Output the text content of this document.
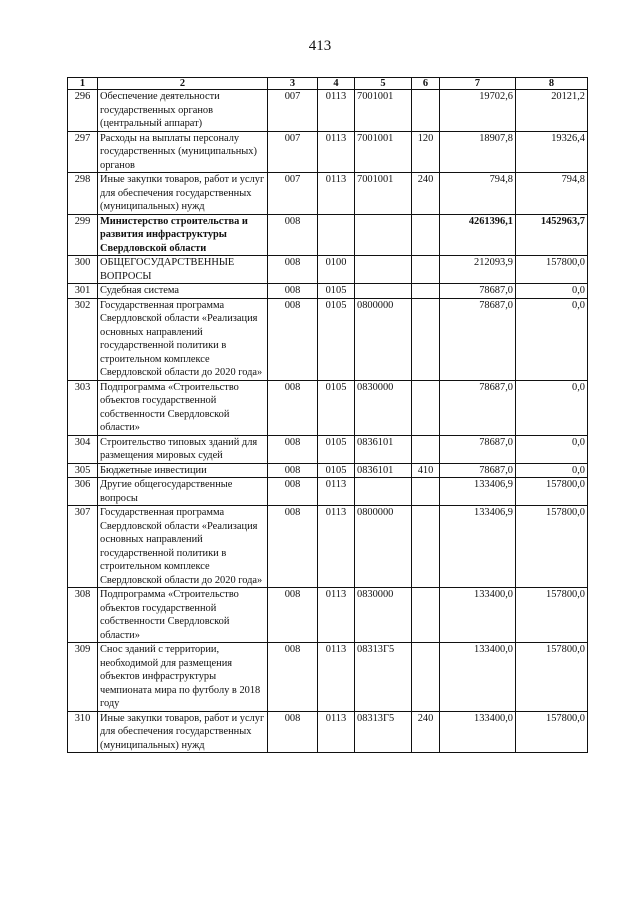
413
1	2	3	4	5	6	7	8
296	Обеспечение деятельности государственных органов (центральный аппарат)	007	0113	7001001		19702,6	20121,2
297	Расходы на выплаты персоналу государственных (муниципальных) органов	007	0113	7001001	120	18907,8	19326,4
298	Иные закупки товаров, работ и услуг для обеспечения государственных (муниципальных) нужд	007	0113	7001001	240	794,8	794,8
299	Министерство строительства и развития инфраструктуры Свердловской области	008				4261396,1	1452963,7
300	ОБЩЕГОСУДАРСТВЕННЫЕ ВОПРОСЫ	008	0100			212093,9	157800,0
301	Судебная система	008	0105			78687,0	0,0
302	Государственная программа Свердловской области «Реализация основных направлений государственной политики в строительном комплексе Свердловской области до 2020 года»	008	0105	0800000		78687,0	0,0
303	Подпрограмма «Строительство объектов государственной собственности Свердловской области»	008	0105	0830000		78687,0	0,0
304	Строительство типовых зданий для размещения мировых судей	008	0105	0836101		78687,0	0,0
305	Бюджетные инвестиции	008	0105	0836101	410	78687,0	0,0
306	Другие общегосударственные вопросы	008	0113			133406,9	157800,0
307	Государственная программа Свердловской области «Реализация основных направлений государственной политики в строительном комплексе Свердловской области до 2020 года»	008	0113	0800000		133406,9	157800,0
308	Подпрограмма «Строительство объектов государственной собственности Свердловской области»	008	0113	0830000		133400,0	157800,0
309	Снос зданий с территории, необходимой для размещения объектов инфраструктуры чемпионата мира по футболу в 2018 году	008	0113	08313Г5		133400,0	157800,0
310	Иные закупки товаров, работ и услуг для обеспечения государственных (муниципальных) нужд	008	0113	08313Г5	240	133400,0	157800,0
